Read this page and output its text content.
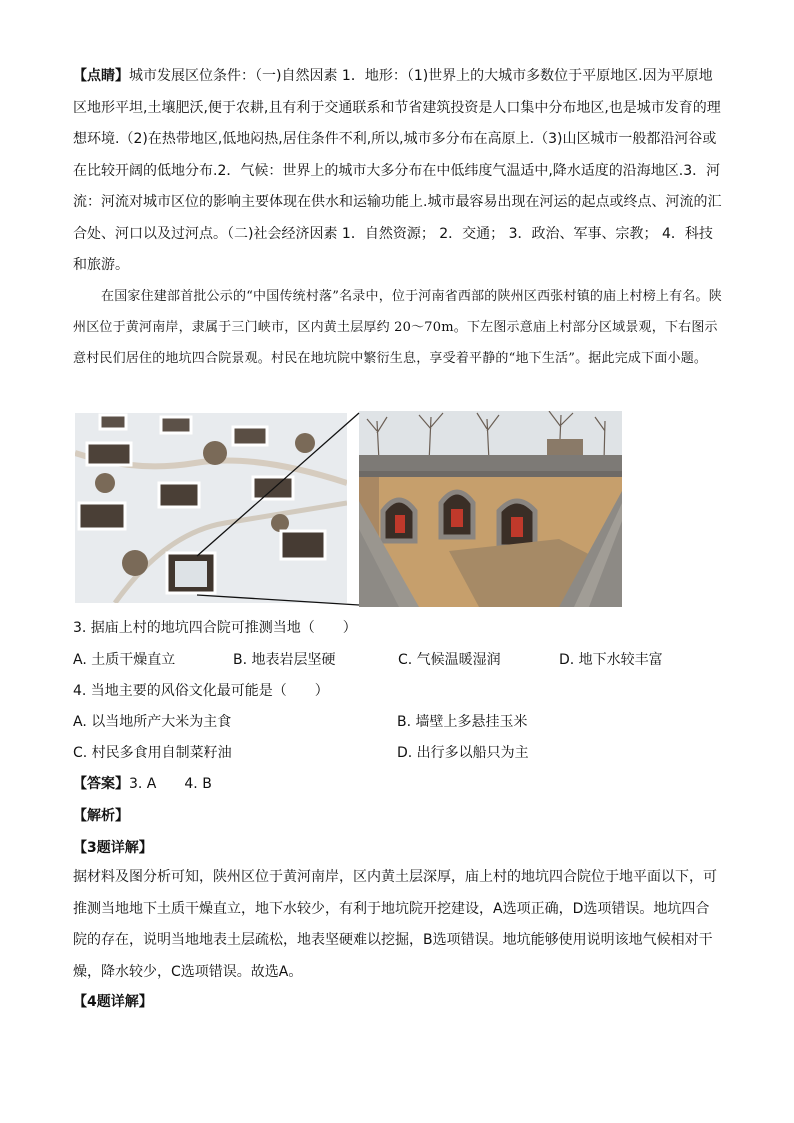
【点睛】城市发展区位条件：（一)自然因素 1．地形：（1)世界上的大城市多数位于平原地区.因为平原地区地形平坦,土壤肥沃,便于农耕,且有利于交通联系和节省建筑投资是人口集中分布地区,也是城市发育的理想环境.（2)在热带地区,低地闷热,居住条件不利,所以,城市多分布在高原上.（3)山区城市一般都沿河谷或在比较开阔的低地分布.2．气候：世界上的城市大多分布在中低纬度气温适中,降水适度的沿海地区.3．河流：河流对城市区位的影响主要体现在供水和运输功能上.城市最容易出现在河运的起点或终点、河流的汇合处、河口以及过河点。（二)社会经济因素 1．自然资源； 2．交通； 3．政治、军事、宗教； 4．科技和旅游。
在国家住建部首批公示的“中国传统村落”名录中，位于河南省西部的陕州区西张村镇的庙上村榜上有名。陕州区位于黄河南岸，隶属于三门峡市，区内黄土层厚约 20～70m。下左图示意庙上村部分区域景观，下右图示意村民们居住的地坑四合院景观。村民在地坑院中繁衍生息，享受着平静的“地下生活”。据此完成下面小题。
3. 据庙上村的地坑四合院可推测当地（　　）
A. 土质干燥直立	B. 地表岩层坚硬	C. 气候温暖湿润	D. 地下水较丰富
4. 当地主要的风俗文化最可能是（　　）
A. 以当地所产大米为主食	B. 墙壁上多悬挂玉米
C. 村民多食用自制菜籽油	D. 出行多以船只为主
【答案】3. A　　4. B
【解析】
【3题详解】
据材料及图分析可知，陕州区位于黄河南岸，区内黄土层深厚，庙上村的地坑四合院位于地平面以下，可推测当地地下土质干燥直立，地下水较少，有利于地坑院开挖建设，A选项正确，D选项错误。地坑四合院的存在，说明当地地表土层疏松，地表坚硬难以挖掘，B选项错误。地坑能够使用说明该地气候相对干燥，降水较少，C选项错误。故选A。
【4题详解】
